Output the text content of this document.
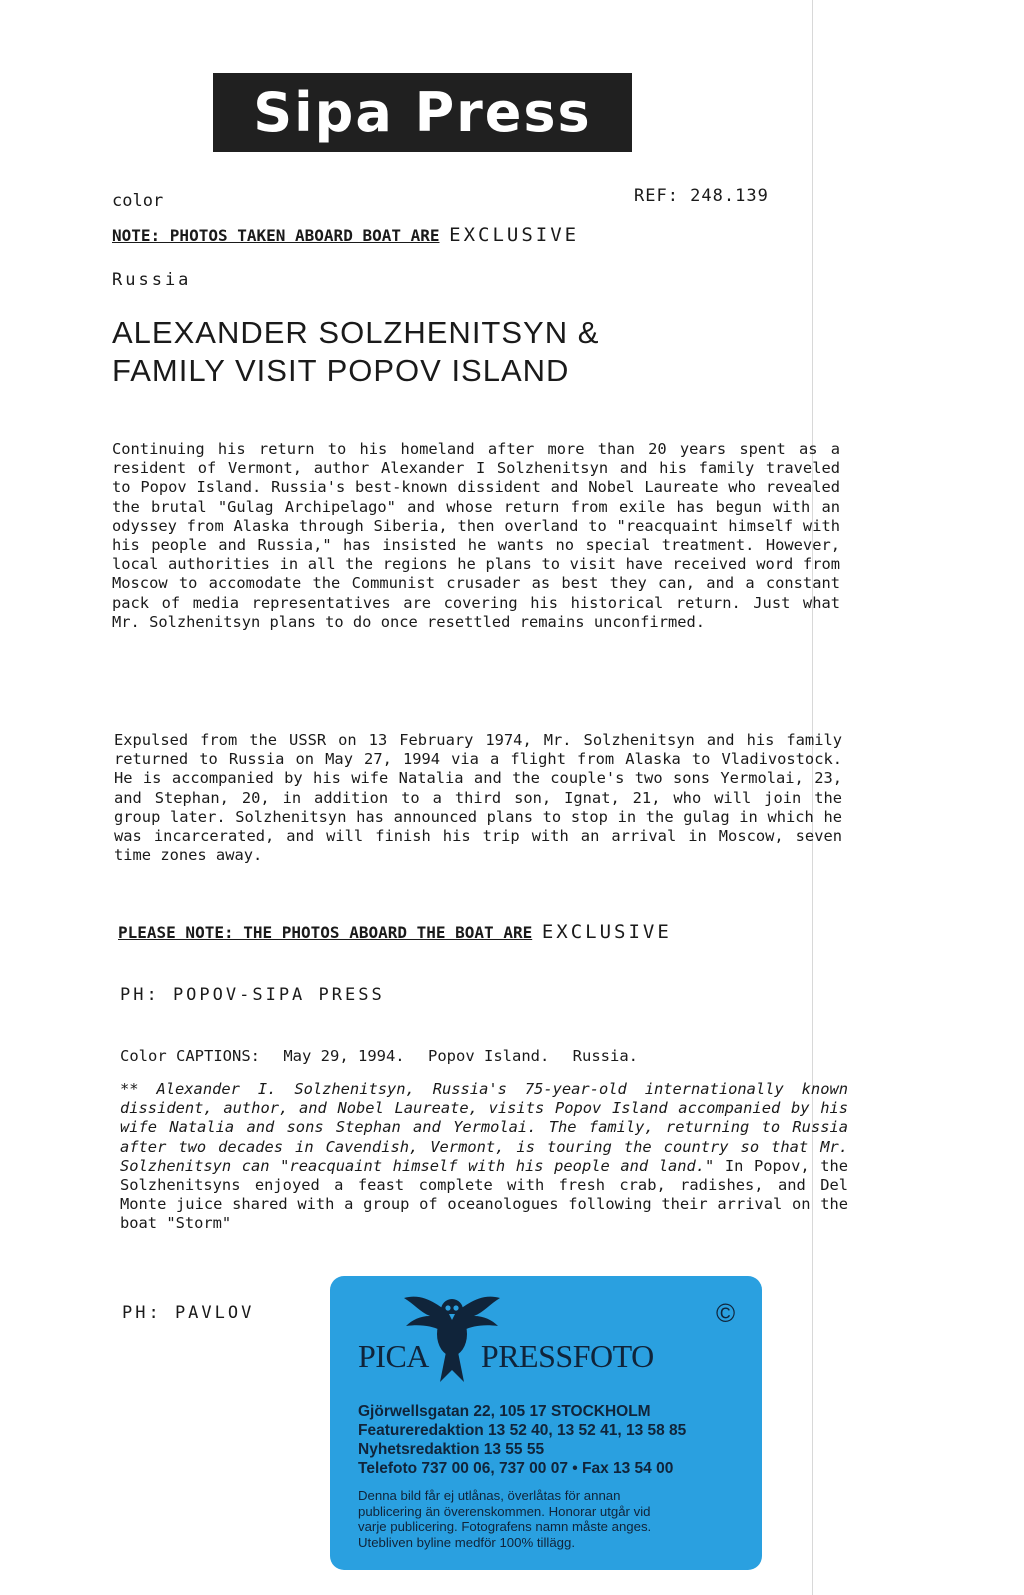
Sipa Press
color	REF: 248.139
NOTE: PHOTOS TAKEN ABOARD BOAT ARE EXCLUSIVE
Russia
ALEXANDER SOLZHENITSYN &
FAMILY VISIT POPOV ISLAND
Continuing his return to his homeland after more than 20 years spent as a resident of Vermont, author Alexander I Solzhenitsyn and his family traveled to Popov Island. Russia's best-known dissident and Nobel Laureate who revealed the brutal "Gulag Archipelago" and whose return from exile has begun with an odyssey from Alaska through Siberia, then overland to "reacquaint himself with his people and Russia," has insisted he wants no special treatment. However, local authorities in all the regions he plans to visit have received word from Moscow to accomodate the Communist crusader as best they can, and a constant pack of media representatives are covering his historical return. Just what Mr. Solzhenitsyn plans to do once resettled remains unconfirmed.
Expulsed from the USSR on 13 February 1974, Mr. Solzhenitsyn and his family returned to Russia on May 27, 1994 via a flight from Alaska to Vladivostock. He is accompanied by his wife Natalia and the couple's two sons Yermolai, 23, and Stephan, 20, in addition to a third son, Ignat, 21, who will join the group later. Solzhenitsyn has announced plans to stop in the gulag in which he was incarcerated, and will finish his trip with an arrival in Moscow, seven time zones away.
PLEASE NOTE: THE PHOTOS ABOARD THE BOAT ARE EXCLUSIVE
PH: POPOV-SIPA PRESS
Color CAPTIONS: May 29, 1994. Popov Island. Russia.
** Alexander I. Solzhenitsyn, Russia's 75-year-old internationally known dissident, author, and Nobel Laureate, visits Popov Island accompanied by his wife Natalia and sons Stephan and Yermolai. The family, returning to Russia after two decades in Cavendish, Vermont, is touring the country so that Mr. Solzhenitsyn can "reacquaint himself with his people and land." In Popov, the Solzhenitsyns enjoyed a feast complete with fresh crab, radishes, and Del Monte juice shared with a group of oceanologues following their arrival on the boat "Storm"
PH: PAVLOV	©
PICA PRESSFOTO
Gjörwellsgatan 22, 105 17 STOCKHOLM
Featureredaktion 13 52 40, 13 52 41, 13 58 85
Nyhetsredaktion 13 55 55
Telefoto 737 00 06, 737 00 07 • Fax 13 54 00
Denna bild får ej utlånas, överlåtas för annan
publicering än överenskommen. Honorar utgår vid
varje publicering. Fotografens namn måste anges.
Utebliven byline medför 100% tillägg.
